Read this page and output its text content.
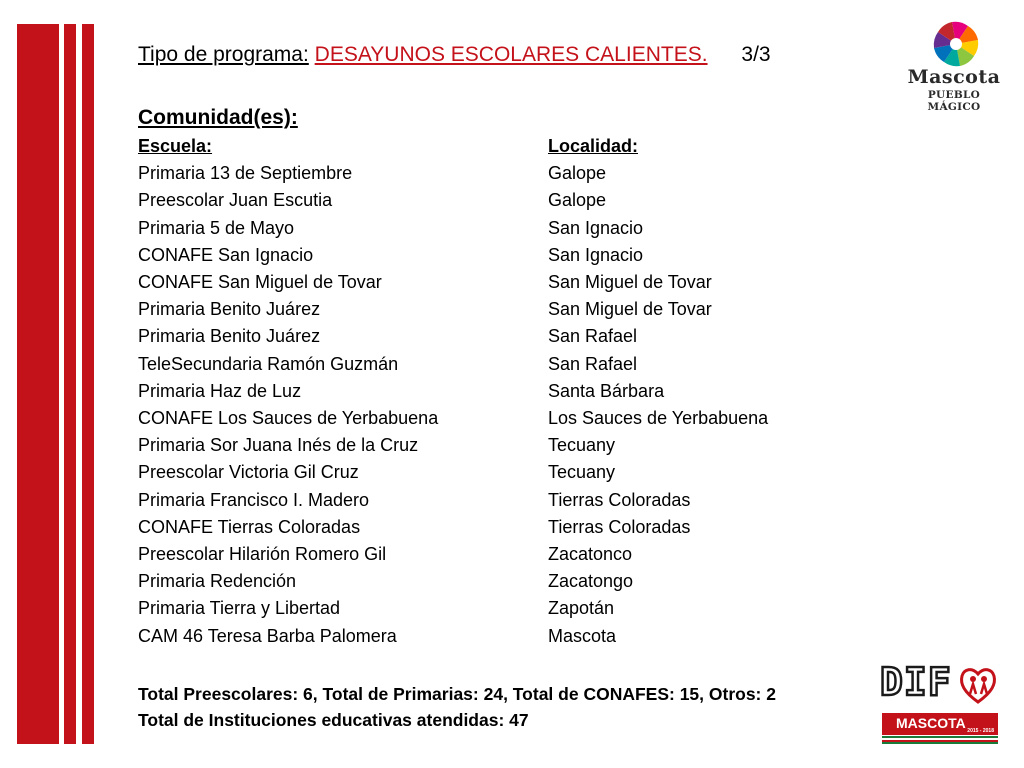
Tipo de programa: DESAYUNOS ESCOLARES CALIENTES. 3/3
Comunidad(es):
Escuela:	Localidad:
Primaria 13 de Septiembre	Galope
Preescolar Juan Escutia	Galope
Primaria 5 de Mayo	San Ignacio
CONAFE San Ignacio	San Ignacio
CONAFE San Miguel de Tovar	San Miguel de Tovar
Primaria Benito Juárez	San Miguel de Tovar
Primaria Benito Juárez	San Rafael
TeleSecundaria Ramón Guzmán	San Rafael
Primaria Haz de Luz	Santa Bárbara
CONAFE Los Sauces de Yerbabuena	Los Sauces de Yerbabuena
Primaria Sor Juana Inés de la Cruz	Tecuany
Preescolar Victoria Gil Cruz	Tecuany
Primaria Francisco I. Madero	Tierras Coloradas
CONAFE Tierras Coloradas	Tierras Coloradas
Preescolar Hilarión Romero Gil	Zacatonco
Primaria Redención	Zacatongo
Primaria Tierra y Libertad	Zapotán
CAM 46 Teresa Barba Palomera	Mascota
Total Preescolares: 6, Total de Primarias: 24, Total de CONAFES: 15, Otros: 2
Total de Instituciones educativas atendidas: 47
Mascota
PUEBLO MÁGICO
DIF
MASCOTA 2015 - 2018
